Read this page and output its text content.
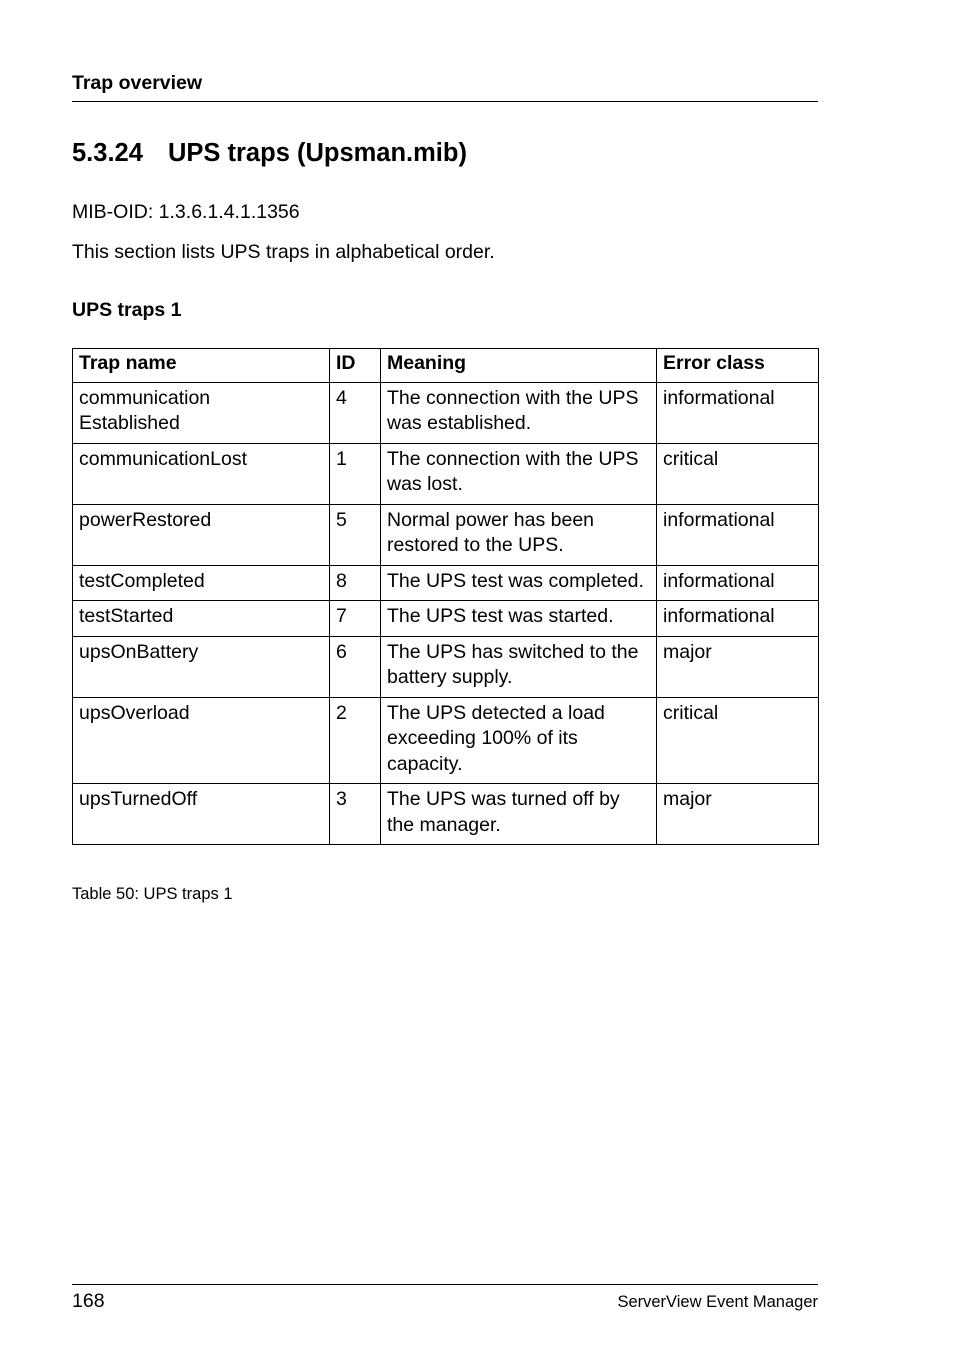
Trap overview
5.3.24 UPS traps (Upsman.mib)

MIB-OID: 1.3.6.1.4.1.1356

This section lists UPS traps in alphabetical order.

UPS traps 1
Trap name	ID	Meaning	Error class
communication
Established	4	The connection with the UPS was established.	informational
communicationLost	1	The connection with the UPS was lost.	critical
powerRestored	5	Normal power has been restored to the UPS.	informational
testCompleted	8	The UPS test was completed.	informational
testStarted	7	The UPS test was started.	informational
upsOnBattery	6	The UPS has switched to the battery supply.	major
upsOverload	2	The UPS detected a load exceeding 100% of its capacity.	critical
upsTurnedOff	3	The UPS was turned off by the manager.	major
Table 50: UPS traps 1
168	ServerView Event Manager
